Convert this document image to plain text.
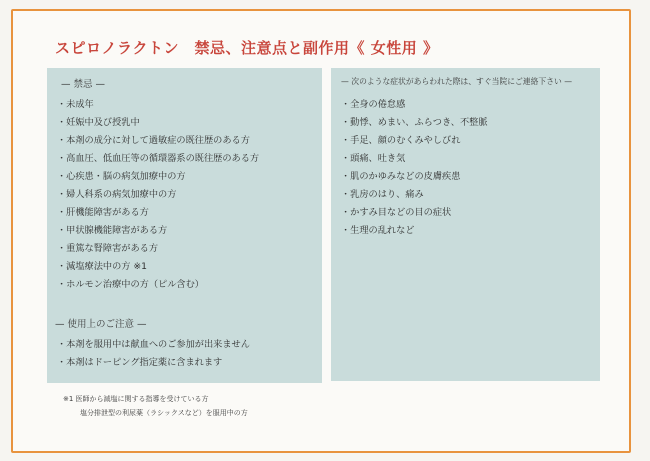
スピロノラクトン　禁忌、注意点と副作用《 女性用 》
— 禁忌 —
・未成年
・妊娠中及び授乳中
・本剤の成分に対して過敏症の既往歴のある方
・高血圧、低血圧等の循環器系の既往歴のある方
・心疾患・脳の病気加療中の方
・婦人科系の病気加療中の方
・肝機能障害がある方
・甲状腺機能障害がある方
・重篤な腎障害がある方
・減塩療法中の方 ※1
・ホルモン治療中の方（ピル含む）
— 使用上のご注意 —
・本剤を服用中は献血へのご参加が出来ません
・本剤はドーピング指定薬に含まれます
— 次のような症状があらわれた際は、すぐ当院にご連絡下さい —
・全身の倦怠感
・動悸、めまい、ふらつき、不整脈
・手足、顔のむくみやしびれ
・頭痛、吐き気
・肌のかゆみなどの皮膚疾患
・乳房のはり、痛み
・かすみ目などの目の症状
・生理の乱れなど
※1 医師から減塩に関する指導を受けている方
塩分排泄型の利尿薬（ラシックスなど）を服用中の方
